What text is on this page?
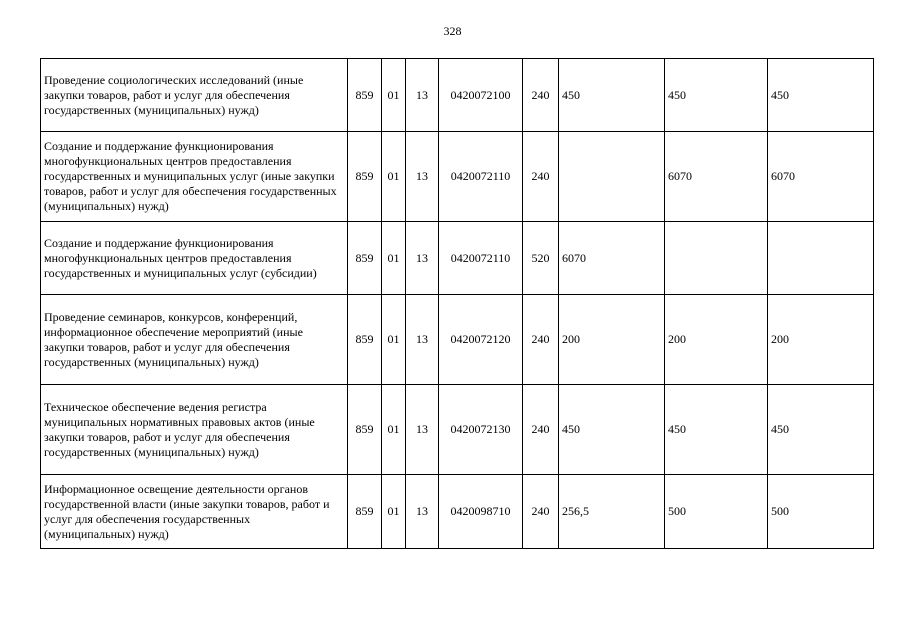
328
Проведение социологических исследований (иные закупки товаров, работ и услуг для обеспечения государственных (муниципальных) нужд)	859	01	13	0420072100	240	450	450	450
Создание и поддержание функционирования многофункциональных центров предоставления государственных и муниципальных услуг (иные закупки товаров, работ и услуг для обеспечения государственных (муниципальных) нужд)	859	01	13	0420072110	240		6070	6070
Создание и поддержание функционирования многофункциональных центров предоставления государственных и муниципальных услуг (субсидии)	859	01	13	0420072110	520	6070		
Проведение семинаров, конкурсов, конференций, информационное обеспечение мероприятий (иные закупки товаров, работ и услуг для обеспечения государственных (муниципальных) нужд)	859	01	13	0420072120	240	200	200	200
Техническое обеспечение ведения регистра муниципальных нормативных правовых актов (иные закупки товаров, работ и услуг для обеспечения государственных (муниципальных) нужд)	859	01	13	0420072130	240	450	450	450
Информационное освещение деятельности органов государственной власти (иные закупки товаров, работ и услуг для обеспечения государственных (муниципальных) нужд)	859	01	13	0420098710	240	256,5	500	500
